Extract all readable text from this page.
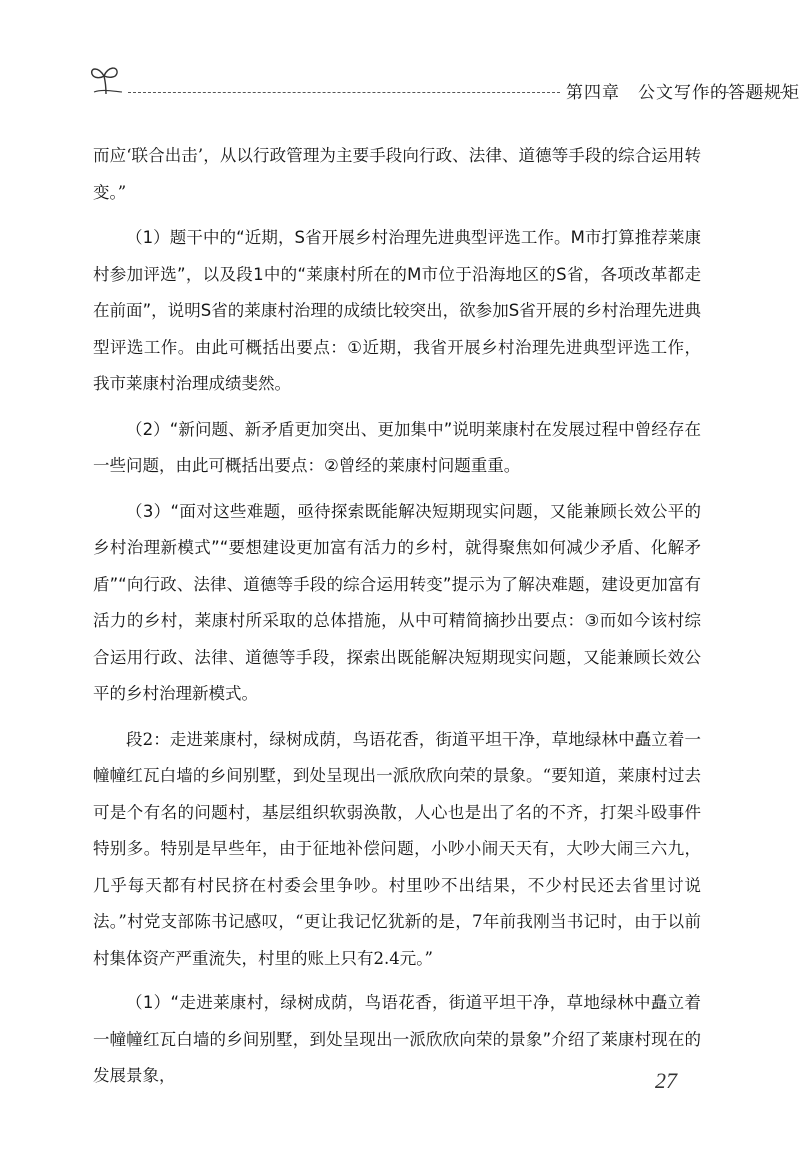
第四章　公文写作的答题规矩

而应‘联合出击’，从以行政管理为主要手段向行政、法律、道德等手段的综合运用转变。”

（1）题干中的“近期，S省开展乡村治理先进典型评选工作。M市打算推荐莱康村参加评选”，以及段1中的“莱康村所在的M市位于沿海地区的S省，各项改革都走在前面”，说明S省的莱康村治理的成绩比较突出，欲参加S省开展的乡村治理先进典型评选工作。由此可概括出要点：①近期，我省开展乡村治理先进典型评选工作，我市莱康村治理成绩斐然。

（2）“新问题、新矛盾更加突出、更加集中”说明莱康村在发展过程中曾经存在一些问题，由此可概括出要点：②曾经的莱康村问题重重。

（3）“面对这些难题，亟待探索既能解决短期现实问题，又能兼顾长效公平的乡村治理新模式”“要想建设更加富有活力的乡村，就得聚焦如何减少矛盾、化解矛盾”“向行政、法律、道德等手段的综合运用转变”提示为了解决难题，建设更加富有活力的乡村，莱康村所采取的总体措施，从中可精简摘抄出要点：③而如今该村综合运用行政、法律、道德等手段，探索出既能解决短期现实问题，又能兼顾长效公平的乡村治理新模式。

段2：走进莱康村，绿树成荫，鸟语花香，街道平坦干净，草地绿林中矗立着一幢幢红瓦白墙的乡间别墅，到处呈现出一派欣欣向荣的景象。“要知道，莱康村过去可是个有名的问题村，基层组织软弱涣散，人心也是出了名的不齐，打架斗殴事件特别多。特别是早些年，由于征地补偿问题，小吵小闹天天有，大吵大闹三六九，几乎每天都有村民挤在村委会里争吵。村里吵不出结果，不少村民还去省里讨说法。”村党支部陈书记感叹，“更让我记忆犹新的是，7年前我刚当书记时，由于以前村集体资产严重流失，村里的账上只有2.4元。”

（1）“走进莱康村，绿树成荫，鸟语花香，街道平坦干净，草地绿林中矗立着一幢幢红瓦白墙的乡间别墅，到处呈现出一派欣欣向荣的景象”介绍了莱康村现在的发展景象，	27
